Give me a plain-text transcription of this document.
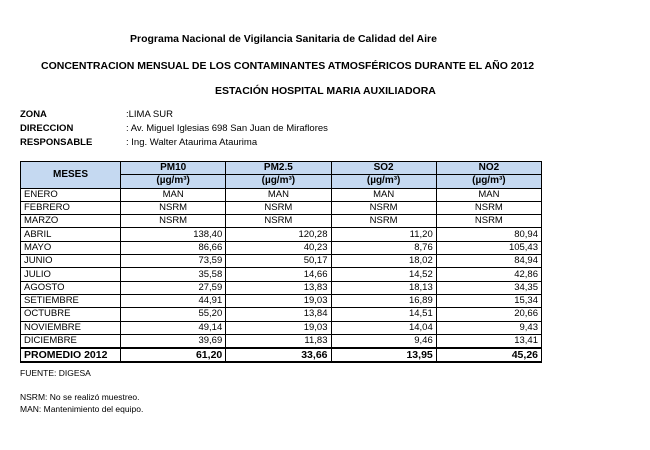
Programa Nacional de Vigilancia Sanitaria de Calidad del Aire
CONCENTRACION MENSUAL DE LOS CONTAMINANTES ATMOSFÉRICOS DURANTE EL AÑO 2012
ESTACIÓN HOSPITAL MARIA AUXILIADORA
ZONA	:LIMA SUR
DIRECCION	: Av. Miguel Iglesias 698 San Juan de Miraflores
RESPONSABLE	: Ing. Walter Ataurima Ataurima
MESES	PM10	PM2.5	SO2	NO2
	(µg/m³)	(µg/m³)	(µg/m³)	(µg/m³)
ENERO	MAN	MAN	MAN	MAN
FEBRERO	NSRM	NSRM	NSRM	NSRM
MARZO	NSRM	NSRM	NSRM	NSRM
ABRIL	138,40	120,28	11,20	80,94
MAYO	86,66	40,23	8,76	105,43
JUNIO	73,59	50,17	18,02	84,94
JULIO	35,58	14,66	14,52	42,86
AGOSTO	27,59	13,83	18,13	34,35
SETIEMBRE	44,91	19,03	16,89	15,34
OCTUBRE	55,20	13,84	14,51	20,66
NOVIEMBRE	49,14	19,03	14,04	9,43
DICIEMBRE	39,69	11,83	9,46	13,41
PROMEDIO 2012	61,20	33,66	13,95	45,26
FUENTE: DIGESA
NSRM: No se realizó muestreo.
MAN: Mantenimiento del equipo.
